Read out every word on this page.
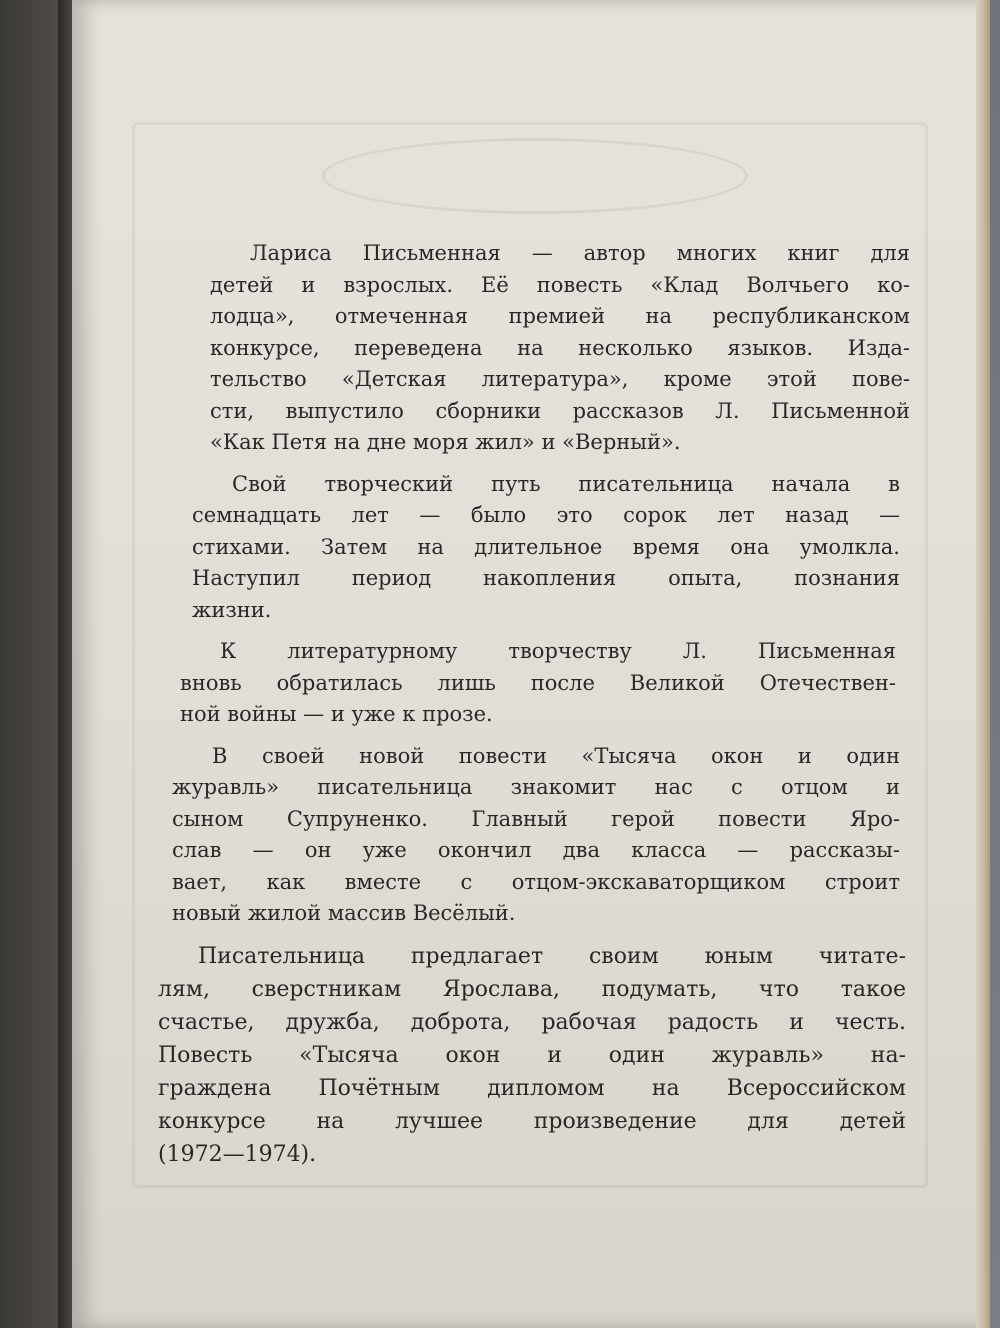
Лариса Письменная — автор многих книг для
детей и взрослых. Её повесть «Клад Волчьего ко-
лодца», отмеченная премией на республиканском
конкурсе, переведена на несколько языков. Изда-
тельство «Детская литература», кроме этой пове-
сти, выпустило сборники рассказов Л. Письменной
«Как Петя на дне моря жил» и «Верный».
Свой творческий путь писательница начала в
семнадцать лет — было это сорок лет назад —
стихами. Затем на длительное время она умолкла.
Наступил период накопления опыта, познания
жизни.
К литературному творчеству Л. Письменная
вновь обратилась лишь после Великой Отечествен-
ной войны — и уже к прозе.
В своей новой повести «Тысяча окон и один
журавль» писательница знакомит нас с отцом и
сыном Супруненко. Главный герой повести Яро-
слав — он уже окончил два класса — рассказы-
вает, как вместе с отцом-экскаваторщиком строит
новый жилой массив Весёлый.
Писательница предлагает своим юным читате-
лям, сверстникам Ярослава, подумать, что такое
счастье, дружба, доброта, рабочая радость и честь.
Повесть «Тысяча окон и один журавль» на-
граждена Почётным дипломом на Всероссийском
конкурсе на лучшее произведение для детей
(1972—1974).
